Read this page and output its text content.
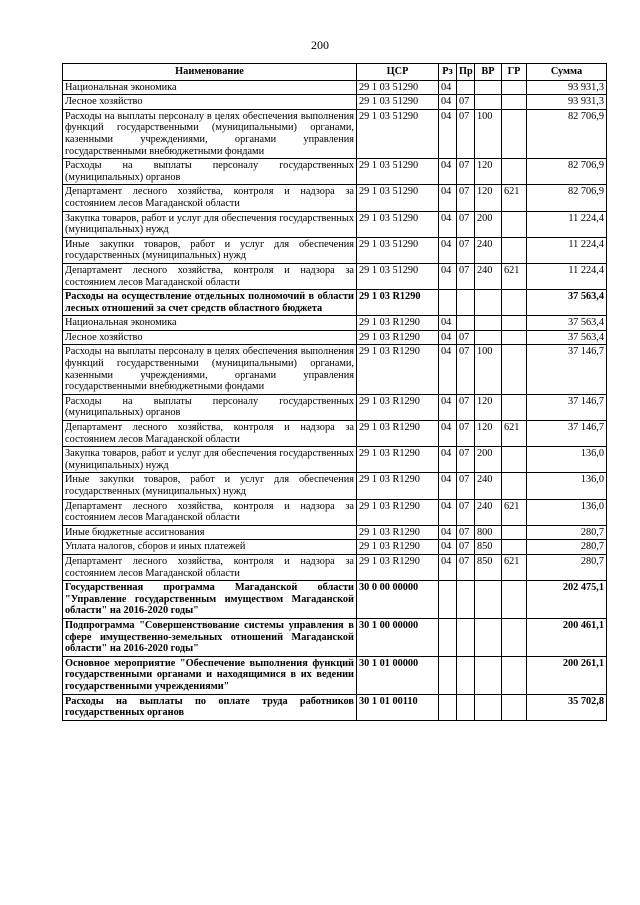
200
Наименование	ЦСР	Рз	Пр	ВР	ГР	Сумма
Национальная экономика	29 1 03 51290	04				93 931,3
Лесное хозяйство	29 1 03 51290	04	07			93 931,3
Расходы на выплаты персоналу в целях обеспечения выполнения функций государственными (муниципальными) органами, казенными учреждениями, органами управления государственными внебюджетными фондами	29 1 03 51290	04	07	100		82 706,9
Расходы на выплаты персоналу государственных (муниципальных) органов	29 1 03 51290	04	07	120		82 706,9
Департамент лесного хозяйства, контроля и надзора за состоянием лесов Магаданской области	29 1 03 51290	04	07	120	621	82 706,9
Закупка товаров, работ и услуг для обеспечения государственных (муниципальных) нужд	29 1 03 51290	04	07	200		11 224,4
Иные закупки товаров, работ и услуг для обеспечения государственных (муниципальных) нужд	29 1 03 51290	04	07	240		11 224,4
Департамент лесного хозяйства, контроля и надзора за состоянием лесов Магаданской области	29 1 03 51290	04	07	240	621	11 224,4
Расходы на осуществление отдельных полномочий в области лесных отношений за счет средств областного бюджета	29 1 03 R1290					37 563,4
Национальная экономика	29 1 03 R1290	04				37 563,4
Лесное хозяйство	29 1 03 R1290	04	07			37 563,4
Расходы на выплаты персоналу в целях обеспечения выполнения функций государственными (муниципальными) органами, казенными учреждениями, органами управления государственными внебюджетными фондами	29 1 03 R1290	04	07	100		37 146,7
Расходы на выплаты персоналу государственных (муниципальных) органов	29 1 03 R1290	04	07	120		37 146,7
Департамент лесного хозяйства, контроля и надзора за состоянием лесов Магаданской области	29 1 03 R1290	04	07	120	621	37 146,7
Закупка товаров, работ и услуг для обеспечения государственных (муниципальных) нужд	29 1 03 R1290	04	07	200		136,0
Иные закупки товаров, работ и услуг для обеспечения государственных (муниципальных) нужд	29 1 03 R1290	04	07	240		136,0
Департамент лесного хозяйства, контроля и надзора за состоянием лесов Магаданской области	29 1 03 R1290	04	07	240	621	136,0
Иные бюджетные ассигнования	29 1 03 R1290	04	07	800		280,7
Уплата налогов, сборов и иных платежей	29 1 03 R1290	04	07	850		280,7
Департамент лесного хозяйства, контроля и надзора за состоянием лесов Магаданской области	29 1 03 R1290	04	07	850	621	280,7
Государственная программа Магаданской области "Управление государственным имуществом Магаданской области" на 2016-2020 годы"	30 0 00 00000					202 475,1
Подпрограмма "Совершенствование системы управления в сфере имущественно-земельных отношений Магаданской области" на 2016-2020 годы"	30 1 00 00000					200 461,1
Основное мероприятие "Обеспечение выполнения функций государственными органами и находящимися в их ведении государственными учреждениями"	30 1 01 00000					200 261,1
Расходы на выплаты по оплате труда работников государственных органов	30 1 01 00110					35 702,8
